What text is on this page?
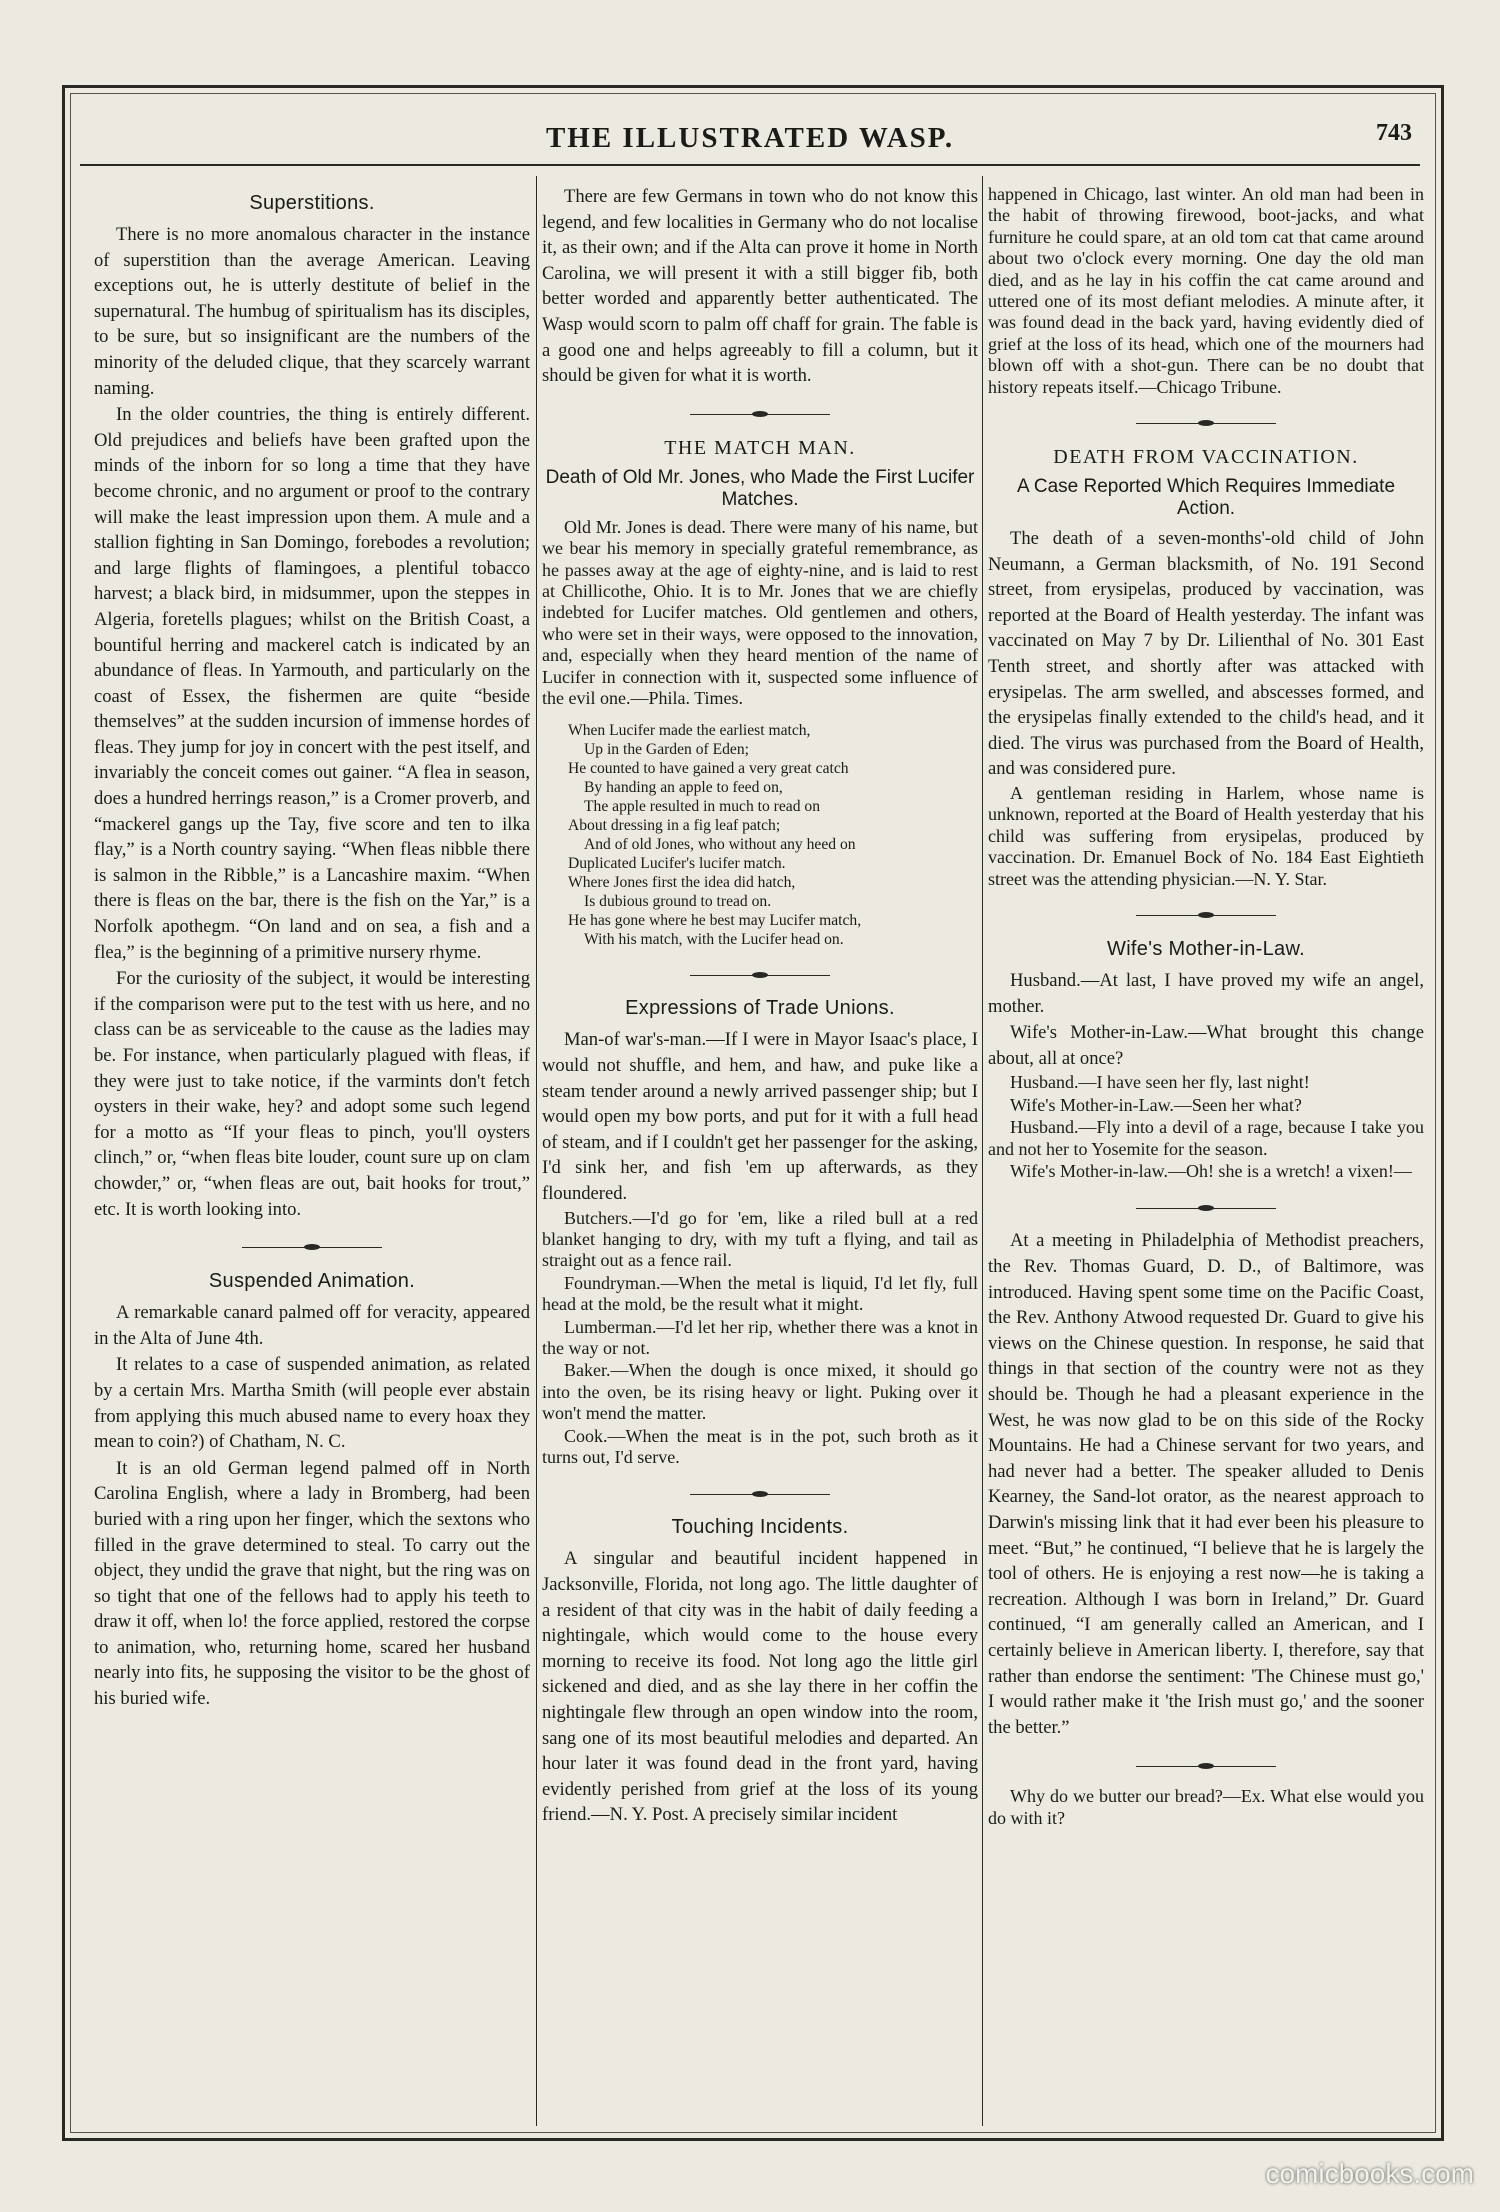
THE ILLUSTRATED WASP.	743
Superstitions.

There is no more anomalous character in the instance of superstition than the average American. Leaving exceptions out, he is utterly destitute of belief in the supernatural. The humbug of spiritualism has its disciples, to be sure, but so insignificant are the numbers of the minority of the deluded clique, that they scarcely warrant naming.

In the older countries, the thing is entirely different. Old prejudices and beliefs have been grafted upon the minds of the inborn for so long a time that they have become chronic, and no argument or proof to the contrary will make the least impression upon them. A mule and a stallion fighting in San Domingo, forebodes a revolution; and large flights of flamingoes, a plentiful tobacco harvest; a black bird, in midsummer, upon the steppes in Algeria, foretells plagues; whilst on the British Coast, a bountiful herring and mackerel catch is indicated by an abundance of fleas. In Yarmouth, and particularly on the coast of Essex, the fishermen are quite “beside themselves” at the sudden incursion of immense hordes of fleas. They jump for joy in concert with the pest itself, and invariably the conceit comes out gainer. “A flea in season, does a hundred herrings reason,” is a Cromer proverb, and “mackerel gangs up the Tay, five score and ten to ilka flay,” is a North country saying. “When fleas nibble there is salmon in the Ribble,” is a Lancashire maxim. “When there is fleas on the bar, there is the fish on the Yar,” is a Norfolk apothegm. “On land and on sea, a fish and a flea,” is the beginning of a primitive nursery rhyme.

For the curiosity of the subject, it would be interesting if the comparison were put to the test with us here, and no class can be as serviceable to the cause as the ladies may be. For instance, when particularly plagued with fleas, if they were just to take notice, if the varmints don't fetch oysters in their wake, hey? and adopt some such legend for a motto as “If your fleas to pinch, you'll oysters clinch,” or, “when fleas bite louder, count sure up on clam chowder,” or, “when fleas are out, bait hooks for trout,” etc. It is worth looking into.

Suspended Animation.

A remarkable canard palmed off for veracity, appeared in the Alta of June 4th.

It relates to a case of suspended animation, as related by a certain Mrs. Martha Smith (will people ever abstain from applying this much abused name to every hoax they mean to coin?) of Chatham, N. C.

It is an old German legend palmed off in North Carolina English, where a lady in Bromberg, had been buried with a ring upon her finger, which the sextons who filled in the grave determined to steal. To carry out the object, they undid the grave that night, but the ring was on so tight that one of the fellows had to apply his teeth to draw it off, when lo! the force applied, restored the corpse to animation, who, returning home, scared her husband nearly into fits, he supposing the visitor to be the ghost of his buried wife.

There are few Germans in town who do not know this legend, and few localities in Germany who do not localise it, as their own; and if the Alta can prove it home in North Carolina, we will present it with a still bigger fib, both better worded and apparently better authenticated. The Wasp would scorn to palm off chaff for grain. The fable is a good one and helps agreeably to fill a column, but it should be given for what it is worth.

THE MATCH MAN.
Death of Old Mr. Jones, who Made the First Lucifer Matches.

Old Mr. Jones is dead. There were many of his name, but we bear his memory in specially grateful remembrance, as he passes away at the age of eighty-nine, and is laid to rest at Chillicothe, Ohio. It is to Mr. Jones that we are chiefly indebted for Lucifer matches. Old gentlemen and others, who were set in their ways, were opposed to the innovation, and, especially when they heard mention of the name of Lucifer in connection with it, suspected some influence of the evil one.—Phila. Times.

When Lucifer made the earliest match,
Up in the Garden of Eden;
He counted to have gained a very great catch
By handing an apple to feed on,
The apple resulted in much to read on
About dressing in a fig leaf patch;
And of old Jones, who without any heed on
Duplicated Lucifer's lucifer match.
Where Jones first the idea did hatch,
Is dubious ground to tread on.
He has gone where he best may Lucifer match,
With his match, with the Lucifer head on.
Expressions of Trade Unions.

Man-of war's-man.—If I were in Mayor Isaac's place, I would not shuffle, and hem, and haw, and puke like a steam tender around a newly arrived passenger ship; but I would open my bow ports, and put for it with a full head of steam, and if I couldn't get her passenger for the asking, I'd sink her, and fish 'em up afterwards, as they floundered.

Butchers.—I'd go for 'em, like a riled bull at a red blanket hanging to dry, with my tuft a flying, and tail as straight out as a fence rail.

Foundryman.—When the metal is liquid, I'd let fly, full head at the mold, be the result what it might.

Lumberman.—I'd let her rip, whether there was a knot in the way or not.

Baker.—When the dough is once mixed, it should go into the oven, be its rising heavy or light. Puking over it won't mend the matter.

Cook.—When the meat is in the pot, such broth as it turns out, I'd serve.

Touching Incidents.

A singular and beautiful incident happened in Jacksonville, Florida, not long ago. The little daughter of a resident of that city was in the habit of daily feeding a nightingale, which would come to the house every morning to receive its food. Not long ago the little girl sickened and died, and as she lay there in her coffin the nightingale flew through an open window into the room, sang one of its most beautiful melodies and departed. An hour later it was found dead in the front yard, having evidently perished from grief at the loss of its young friend.—N. Y. Post. A precisely similar incident

happened in Chicago, last winter. An old man had been in the habit of throwing firewood, boot-jacks, and what furniture he could spare, at an old tom cat that came around about two o'clock every morning. One day the old man died, and as he lay in his coffin the cat came around and uttered one of its most defiant melodies. A minute after, it was found dead in the back yard, having evidently died of grief at the loss of its head, which one of the mourners had blown off with a shot-gun. There can be no doubt that history repeats itself.—Chicago Tribune.

DEATH FROM VACCINATION.
A Case Reported Which Requires Immediate Action.

The death of a seven-months'-old child of John Neumann, a German blacksmith, of No. 191 Second street, from erysipelas, produced by vaccination, was reported at the Board of Health yesterday. The infant was vaccinated on May 7 by Dr. Lilienthal of No. 301 East Tenth street, and shortly after was attacked with erysipelas. The arm swelled, and abscesses formed, and the erysipelas finally extended to the child's head, and it died. The virus was purchased from the Board of Health, and was considered pure.

A gentleman residing in Harlem, whose name is unknown, reported at the Board of Health yesterday that his child was suffering from erysipelas, produced by vaccination. Dr. Emanuel Bock of No. 184 East Eightieth street was the attending physician.—N. Y. Star.

Wife's Mother-in-Law.

Husband.—At last, I have proved my wife an angel, mother.

Wife's Mother-in-Law.—What brought this change about, all at once?

Husband.—I have seen her fly, last night!

Wife's Mother-in-Law.—Seen her what?

Husband.—Fly into a devil of a rage, because I take you and not her to Yosemite for the season.

Wife's Mother-in-law.—Oh! she is a wretch! a vixen!—

At a meeting in Philadelphia of Methodist preachers, the Rev. Thomas Guard, D. D., of Baltimore, was introduced. Having spent some time on the Pacific Coast, the Rev. Anthony Atwood requested Dr. Guard to give his views on the Chinese question. In response, he said that things in that section of the country were not as they should be. Though he had a pleasant experience in the West, he was now glad to be on this side of the Rocky Mountains. He had a Chinese servant for two years, and had never had a better. The speaker alluded to Denis Kearney, the Sand-lot orator, as the nearest approach to Darwin's missing link that it had ever been his pleasure to meet. “But,” he continued, “I believe that he is largely the tool of others. He is enjoying a rest now—he is taking a recreation. Although I was born in Ireland,” Dr. Guard continued, “I am generally called an American, and I certainly believe in American liberty. I, therefore, say that rather than endorse the sentiment: 'The Chinese must go,' I would rather make it 'the Irish must go,' and the sooner the better.”

Why do we butter our bread?—Ex. What else would you do with it?

comicbooks.com
